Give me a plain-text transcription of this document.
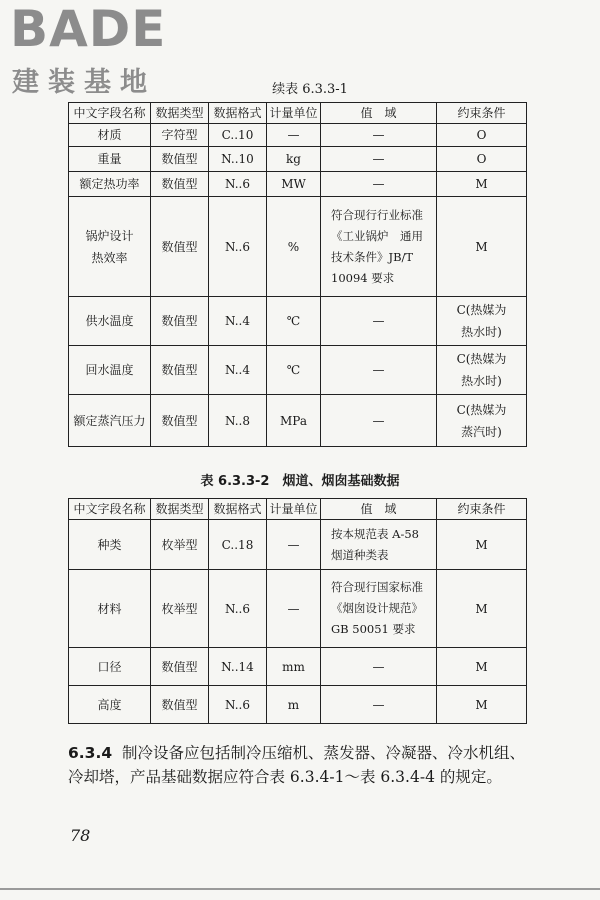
BADE
建装基地	续表 6.3.3-1
中文字段名称	数据类型	数据格式	计量单位	值　域	约束条件
材质	字符型	C..10	—	—	O
重量	数值型	N..10	kg	—	O
额定热功率	数值型	N..6	MW	—	M
锅炉设计
热效率	数值型	N..6	%	符合现行行业标准《工业锅炉　通用技术条件》JB/T 10094 要求	M
供水温度	数值型	N..4	℃	—	C(热媒为
热水时)
回水温度	数值型	N..4	℃	—	C(热媒为
热水时)
额定蒸汽压力	数值型	N..8	MPa	—	C(热媒为
蒸汽时)
表 6.3.3-2　烟道、烟囱基础数据
中文字段名称	数据类型	数据格式	计量单位	值　域	约束条件
种类	枚举型	C..18	—	按本规范表 A-58 烟道种类表	M
材料	枚举型	N..6	—	符合现行国家标准《烟囱设计规范》GB 50051 要求	M
口径	数值型	N..14	mm	—	M
高度	数值型	N..6	m	—	M
6.3.4 制冷设备应包括制冷压缩机、蒸发器、冷凝器、冷水机组、冷却塔，产品基础数据应符合表 6.3.4-1～表 6.3.4-4 的规定。
78
